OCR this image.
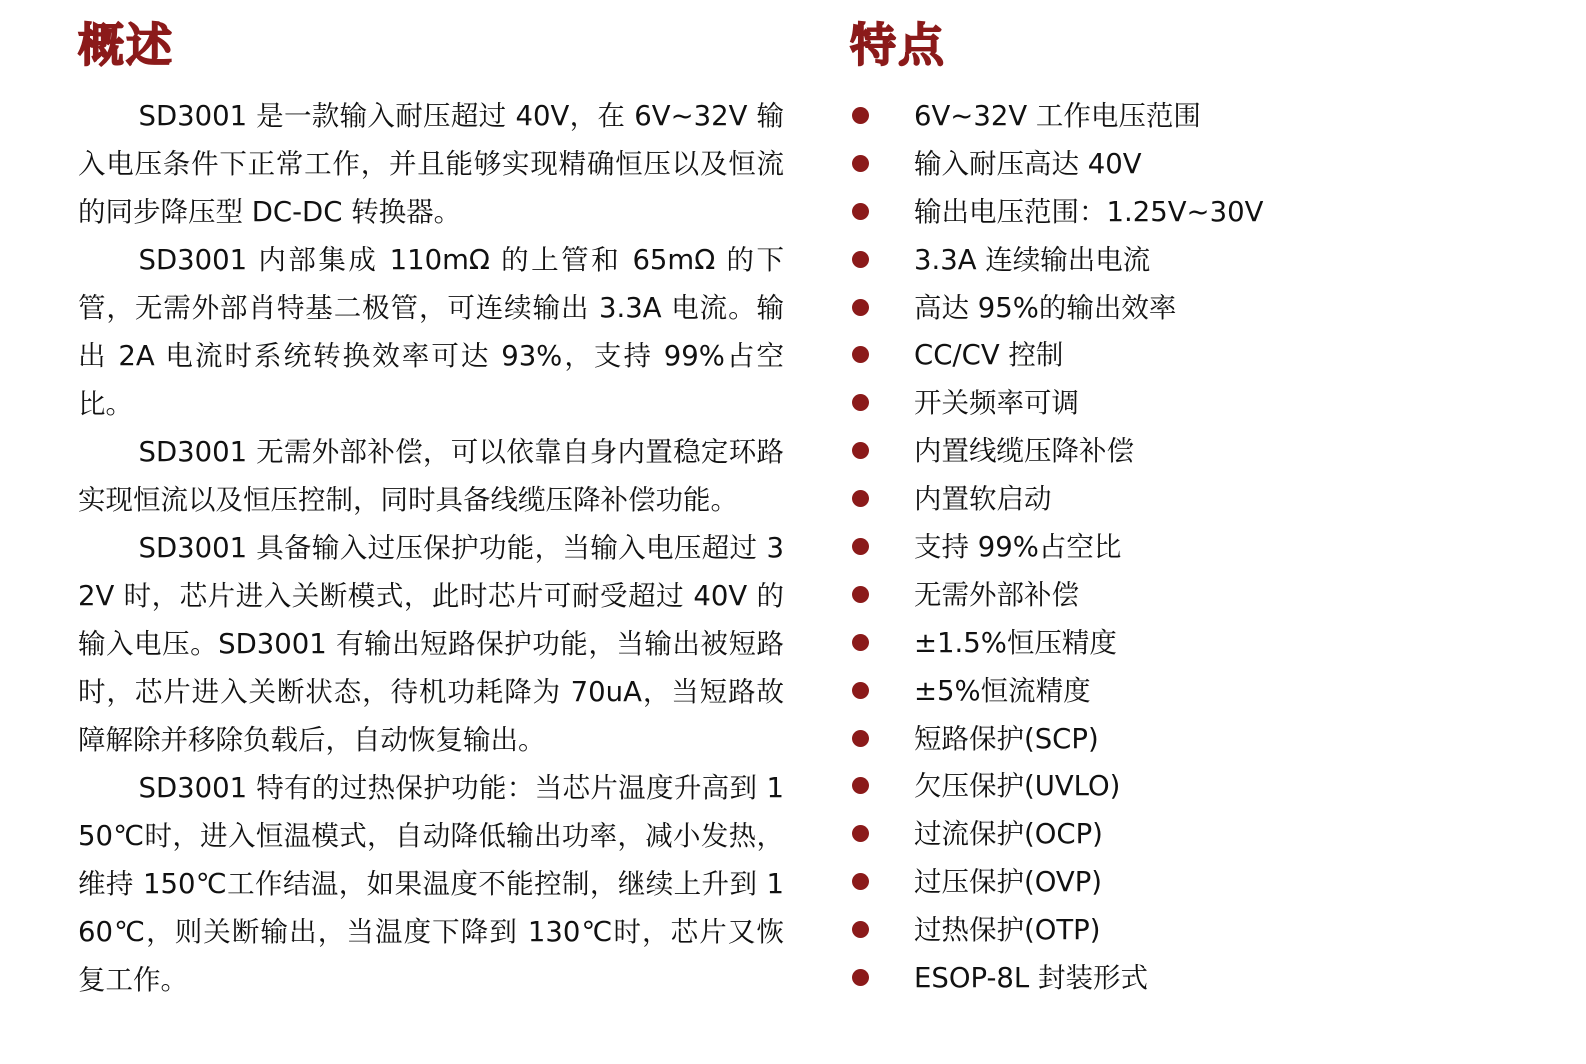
概述

SD3001 是一款输入耐压超过 40V，在 6V~32V 输入电压条件下正常工作，并且能够实现精确恒压以及恒流的同步降压型 DC-DC 转换器。

SD3001 内部集成 110mΩ 的上管和 65mΩ 的下管，无需外部肖特基二极管，可连续输出 3.3A 电流。输出 2A 电流时系统转换效率可达 93%，支持 99%占空比。

SD3001 无需外部补偿，可以依靠自身内置稳定环路实现恒流以及恒压控制，同时具备线缆压降补偿功能。

SD3001 具备输入过压保护功能，当输入电压超过 32V 时，芯片进入关断模式，此时芯片可耐受超过 40V 的输入电压。SD3001 有输出短路保护功能，当输出被短路时，芯片进入关断状态，待机功耗降为 70uA，当短路故障解除并移除负载后，自动恢复输出。

SD3001 特有的过热保护功能：当芯片温度升高到 150℃时，进入恒温模式，自动降低输出功率，减小发热，维持 150℃工作结温，如果温度不能控制，继续上升到 160℃，则关断输出，当温度下降到 130℃时，芯片又恢复工作。

特点
6V~32V 工作电压范围
输入耐压高达 40V
输出电压范围：1.25V~30V
3.3A 连续输出电流
高达 95%的输出效率
CC/CV 控制
开关频率可调
内置线缆压降补偿
内置软启动
支持 99%占空比
无需外部补偿
±1.5%恒压精度
±5%恒流精度
短路保护(SCP)
欠压保护(UVLO)
过流保护(OCP)
过压保护(OVP)
过热保护(OTP)
ESOP-8L 封装形式
